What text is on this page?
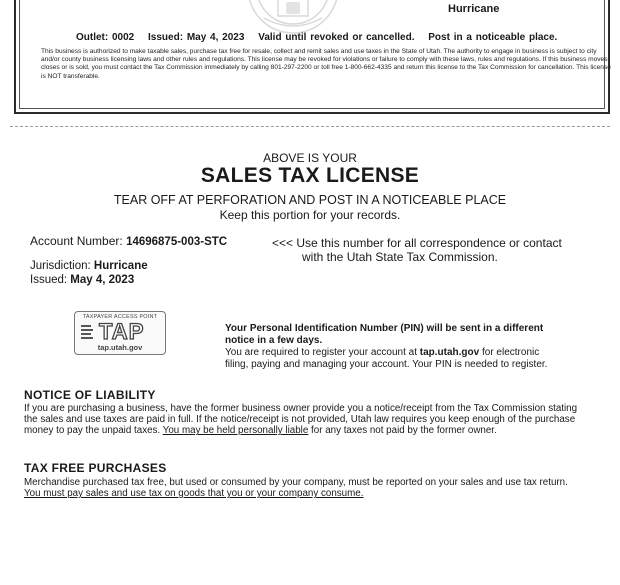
Hurricane
Outlet: 0002 Issued: May 4, 2023 Valid until revoked or cancelled. Post in a noticeable place.
This business is authorized to make taxable sales, purchase tax free for resale, collect and remit sales and use taxes in the State of Utah. The authority to engage in business is subject to city and/or county business licensing laws and other rules and regulations. This license may be revoked for violations or failure to comply with these laws, rules and regulations. If this business moves, closes or is sold, you must contact the Tax Commission immediately by calling 801-297-2200 or toll free 1-800-662-4335 and return this license to the Tax Commission for cancellation. This license is NOT transferable.
ABOVE IS YOUR
SALES TAX LICENSE
TEAR OFF AT PERFORATION AND POST IN A NOTICEABLE PLACE
Keep this portion for your records.
Account Number: 14696875-003-STC	<<< Use this number for all correspondence or contact
with the Utah State Tax Commission.
Jurisdiction: Hurricane
Issued: May 4, 2023
TAXPAYER ACCESS POINT
TAP
tap.utah.gov

Your Personal Identification Number (PIN) will be sent in a different notice in a few days.

You are required to register your account at tap.utah.gov for electronic filing, paying and managing your account. Your PIN is needed to register.

NOTICE OF LIABILITY
If you are purchasing a business, have the former business owner provide you a notice/receipt from the Tax Commission stating the sales and use taxes are paid in full. If the notice/receipt is not provided, Utah law requires you keep enough of the purchase money to pay the unpaid taxes. You may be held personally liable for any taxes not paid by the former owner.
TAX FREE PURCHASES
Merchandise purchased tax free, but used or consumed by your company, must be reported on your sales and use tax return. You must pay sales and use tax on goods that you or your company consume.
